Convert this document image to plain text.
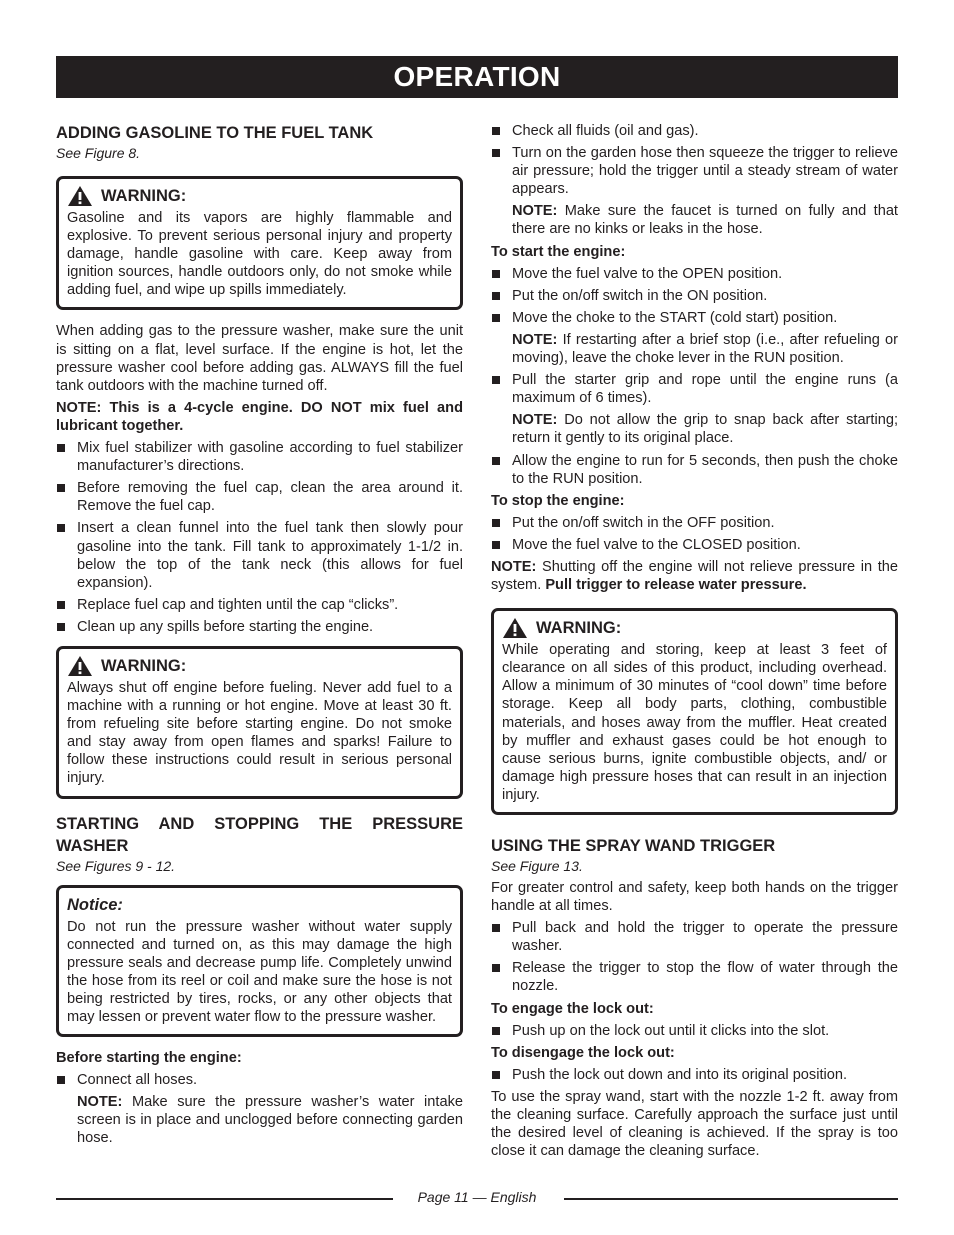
OPERATION
ADDING GASOLINE TO THE FUEL TANK

See Figure 8.

WARNING:

Gasoline and its vapors are highly flammable and explosive. To prevent serious personal injury and property damage, handle gasoline with care. Keep away from ignition sources, handle outdoors only, do not smoke while adding fuel, and wipe up spills immediately.

When adding gas to the pressure washer, make sure the unit is sitting on a flat, level surface. If the engine is hot, let the pressure washer cool before adding gas. ALWAYS fill the fuel tank outdoors with the machine turned off.

NOTE: This is a 4-cycle engine. DO NOT mix fuel and lubricant together.

Mix fuel stabilizer with gasoline according to fuel stabilizer manufacturer’s directions.
Before removing the fuel cap, clean the area around it. Remove the fuel cap.
Insert a clean funnel into the fuel tank then slowly pour gasoline into the tank. Fill tank to approximately 1-1/2 in. below the top of the tank neck (this allows for fuel expansion).
Replace fuel cap and tighten until the cap “clicks”.
Clean up any spills before starting the engine.
WARNING:

Always shut off engine before fueling. Never add fuel to a machine with a running or hot engine. Move at least 30 ft. from refueling site before starting engine. Do not smoke and stay away from open flames and sparks! Failure to follow these instructions could result in serious personal injury.

STARTING AND STOPPING THE PRESSURE WASHER

See Figures 9 - 12.

Notice:

Do not run the pressure washer without water supply connected and turned on, as this may damage the high pressure seals and decrease pump life. Completely unwind the hose from its reel or coil and make sure the hose is not being restricted by tires, rocks, or any other objects that may lessen or prevent water flow to the pressure washer.

Before starting the engine:

Connect all hoses.
NOTE: Make sure the pressure washer’s water intake screen is in place and unclogged before connecting garden hose.
Check all fluids (oil and gas).
Turn on the garden hose then squeeze the trigger to relieve air pressure; hold the trigger until a steady stream of water appears.
NOTE: Make sure the faucet is turned on fully and that there are no kinks or leaks in the hose.

To start the engine:

Move the fuel valve to the OPEN position.
Put the on/off switch in the ON position.
Move the choke to the START (cold start) position.
NOTE: If restarting after a brief stop (i.e., after refueling or moving), leave the choke lever in the RUN position.
Pull the starter grip and rope until the engine runs (a maximum of 6 times).
NOTE: Do not allow the grip to snap back after starting; return it gently to its original place.
Allow the engine to run for 5 seconds, then push the choke to the RUN position.

To stop the engine:

Put the on/off switch in the OFF position.
Move the fuel valve to the CLOSED position.

NOTE: Shutting off the engine will not relieve pressure in the system. Pull trigger to release water pressure.

WARNING:

While operating and storing, keep at least 3 feet of clearance on all sides of this product, including overhead. Allow a minimum of 30 minutes of “cool down” time before storage. Keep all body parts, clothing, combustible materials, and hoses away from the muffler. Heat created by muffler and exhaust gases could be hot enough to cause serious burns, ignite combustible objects, and/ or damage high pressure hoses that can result in an injection injury.

USING THE SPRAY WAND TRIGGER

See Figure 13.

For greater control and safety, keep both hands on the trigger handle at all times.

Pull back and hold the trigger to operate the pressure washer.
Release the trigger to stop the flow of water through the nozzle.

To engage the lock out:

Push up on the lock out until it clicks into the slot.

To disengage the lock out:

Push the lock out down and into its original position.

To use the spray wand, start with the nozzle 1-2 ft. away from the cleaning surface. Carefully approach the surface just until the desired level of cleaning is achieved. If the spray is too close it can damage the cleaning surface.

Page 11 — English
